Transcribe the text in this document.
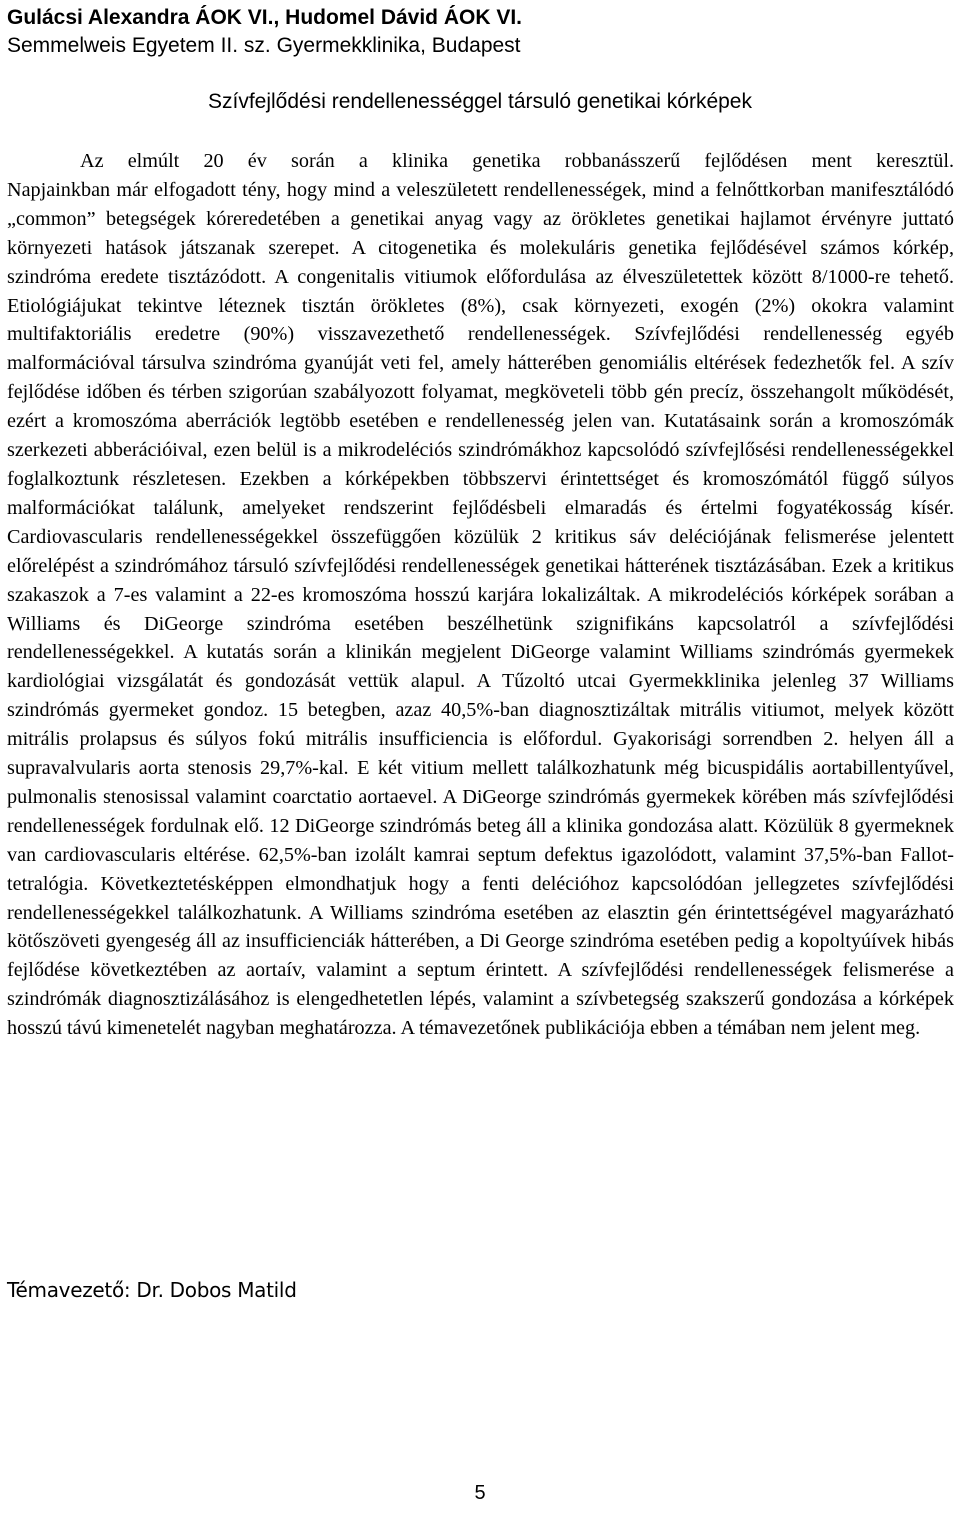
Gulácsi Alexandra ÁOK VI., Hudomel Dávid ÁOK VI.
Semmelweis Egyetem II. sz. Gyermekklinika, Budapest
Szívfejlődési rendellenességgel társuló genetikai kórképek

Az elmúlt 20 év során a klinika genetika robbanásszerű fejlődésen ment keresztül.

Napjainkban már elfogadott tény, hogy mind a veleszületett rendellenességek, mind a felnőttkorban manifesztálódó „common” betegségek kóreredetében a genetikai anyag vagy az örökletes genetikai hajlamot érvényre juttató környezeti hatások játszanak szerepet. A citogenetika és molekuláris genetika fejlődésével számos kórkép, szindróma eredete tisztázódott. A congenitalis vitiumok előfordulása az élveszületettek között 8/1000-re tehető. Etiológiájukat tekintve léteznek tisztán örökletes (8%), csak környezeti, exogén (2%) okokra valamint multifaktoriális eredetre (90%) visszavezethető rendellenességek. Szívfejlődési rendellenesség egyéb malformációval társulva szindróma gyanúját veti fel, amely hátterében genomiális eltérések fedezhetők fel. A szív fejlődése időben és térben szigorúan szabályozott folyamat, megköveteli több gén precíz, összehangolt működését, ezért a kromoszóma aberrációk legtöbb esetében e rendellenesség jelen van. Kutatásaink során a kromoszómák szerkezeti abberációival, ezen belül is a mikrodeléciós szindrómákhoz kapcsolódó szívfejlősési rendellenességekkel foglalkoztunk részletesen. Ezekben a kórképekben többszervi érintettséget és kromoszómától függő súlyos malformációkat találunk, amelyeket rendszerint fejlődésbeli elmaradás és értelmi fogyatékosság kísér. Cardiovascularis rendellenességekkel összefüggően közülük 2 kritikus sáv deléciójának felismerése jelentett előrelépést a szindrómához társuló szívfejlődési rendellenességek genetikai hátterének tisztázásában. Ezek a kritikus szakaszok a 7-es valamint a 22-es kromoszóma hosszú karjára lokalizáltak. A mikrodeléciós kórképek sorában a Williams és DiGeorge szindróma esetében beszélhetünk szignifikáns kapcsolatról a szívfejlődési rendellenességekkel. A kutatás során a klinikán megjelent DiGeorge valamint Williams szindrómás gyermekek kardiológiai vizsgálatát és gondozását vettük alapul. A Tűzoltó utcai Gyermekklinika jelenleg 37 Williams szindrómás gyermeket gondoz. 15 betegben, azaz 40,5%-ban diagnosztizáltak mitrális vitiumot, melyek között mitrális prolapsus és súlyos fokú mitrális insufficiencia is előfordul. Gyakorisági sorrendben 2. helyen áll a supravalvularis aorta stenosis 29,7%-kal. E két vitium mellett találkozhatunk még bicuspidális aortabillentyűvel, pulmonalis stenosissal valamint coarctatio aortaevel. A DiGeorge szindrómás gyermekek körében más szívfejlődési rendellenességek fordulnak elő. 12 DiGeorge szindrómás beteg áll a klinika gondozása alatt. Közülük 8 gyermeknek van cardiovascularis eltérése. 62,5%-ban izolált kamrai septum defektus igazolódott, valamint 37,5%-ban Fallot-tetralógia. Következtetésképpen elmondhatjuk hogy a fenti delécióhoz kapcsolódóan jellegzetes szívfejlődési rendellenességekkel találkozhatunk. A Williams szindróma esetében az elasztin gén érintettségével magyarázható kötőszöveti gyengeség áll az insufficienciák hátterében, a Di George szindróma esetében pedig a kopoltyúívek hibás fejlődése következtében az aortaív, valamint a septum érintett. A szívfejlődési rendellenességek felismerése a szindrómák diagnosztizálásához is elengedhetetlen lépés, valamint a szívbetegség szakszerű gondozása a kórképek hosszú távú kimenetelét nagyban meghatározza. A témavezetőnek publikációja ebben a témában nem jelent meg.

Témavezető: Dr. Dobos Matild
5
